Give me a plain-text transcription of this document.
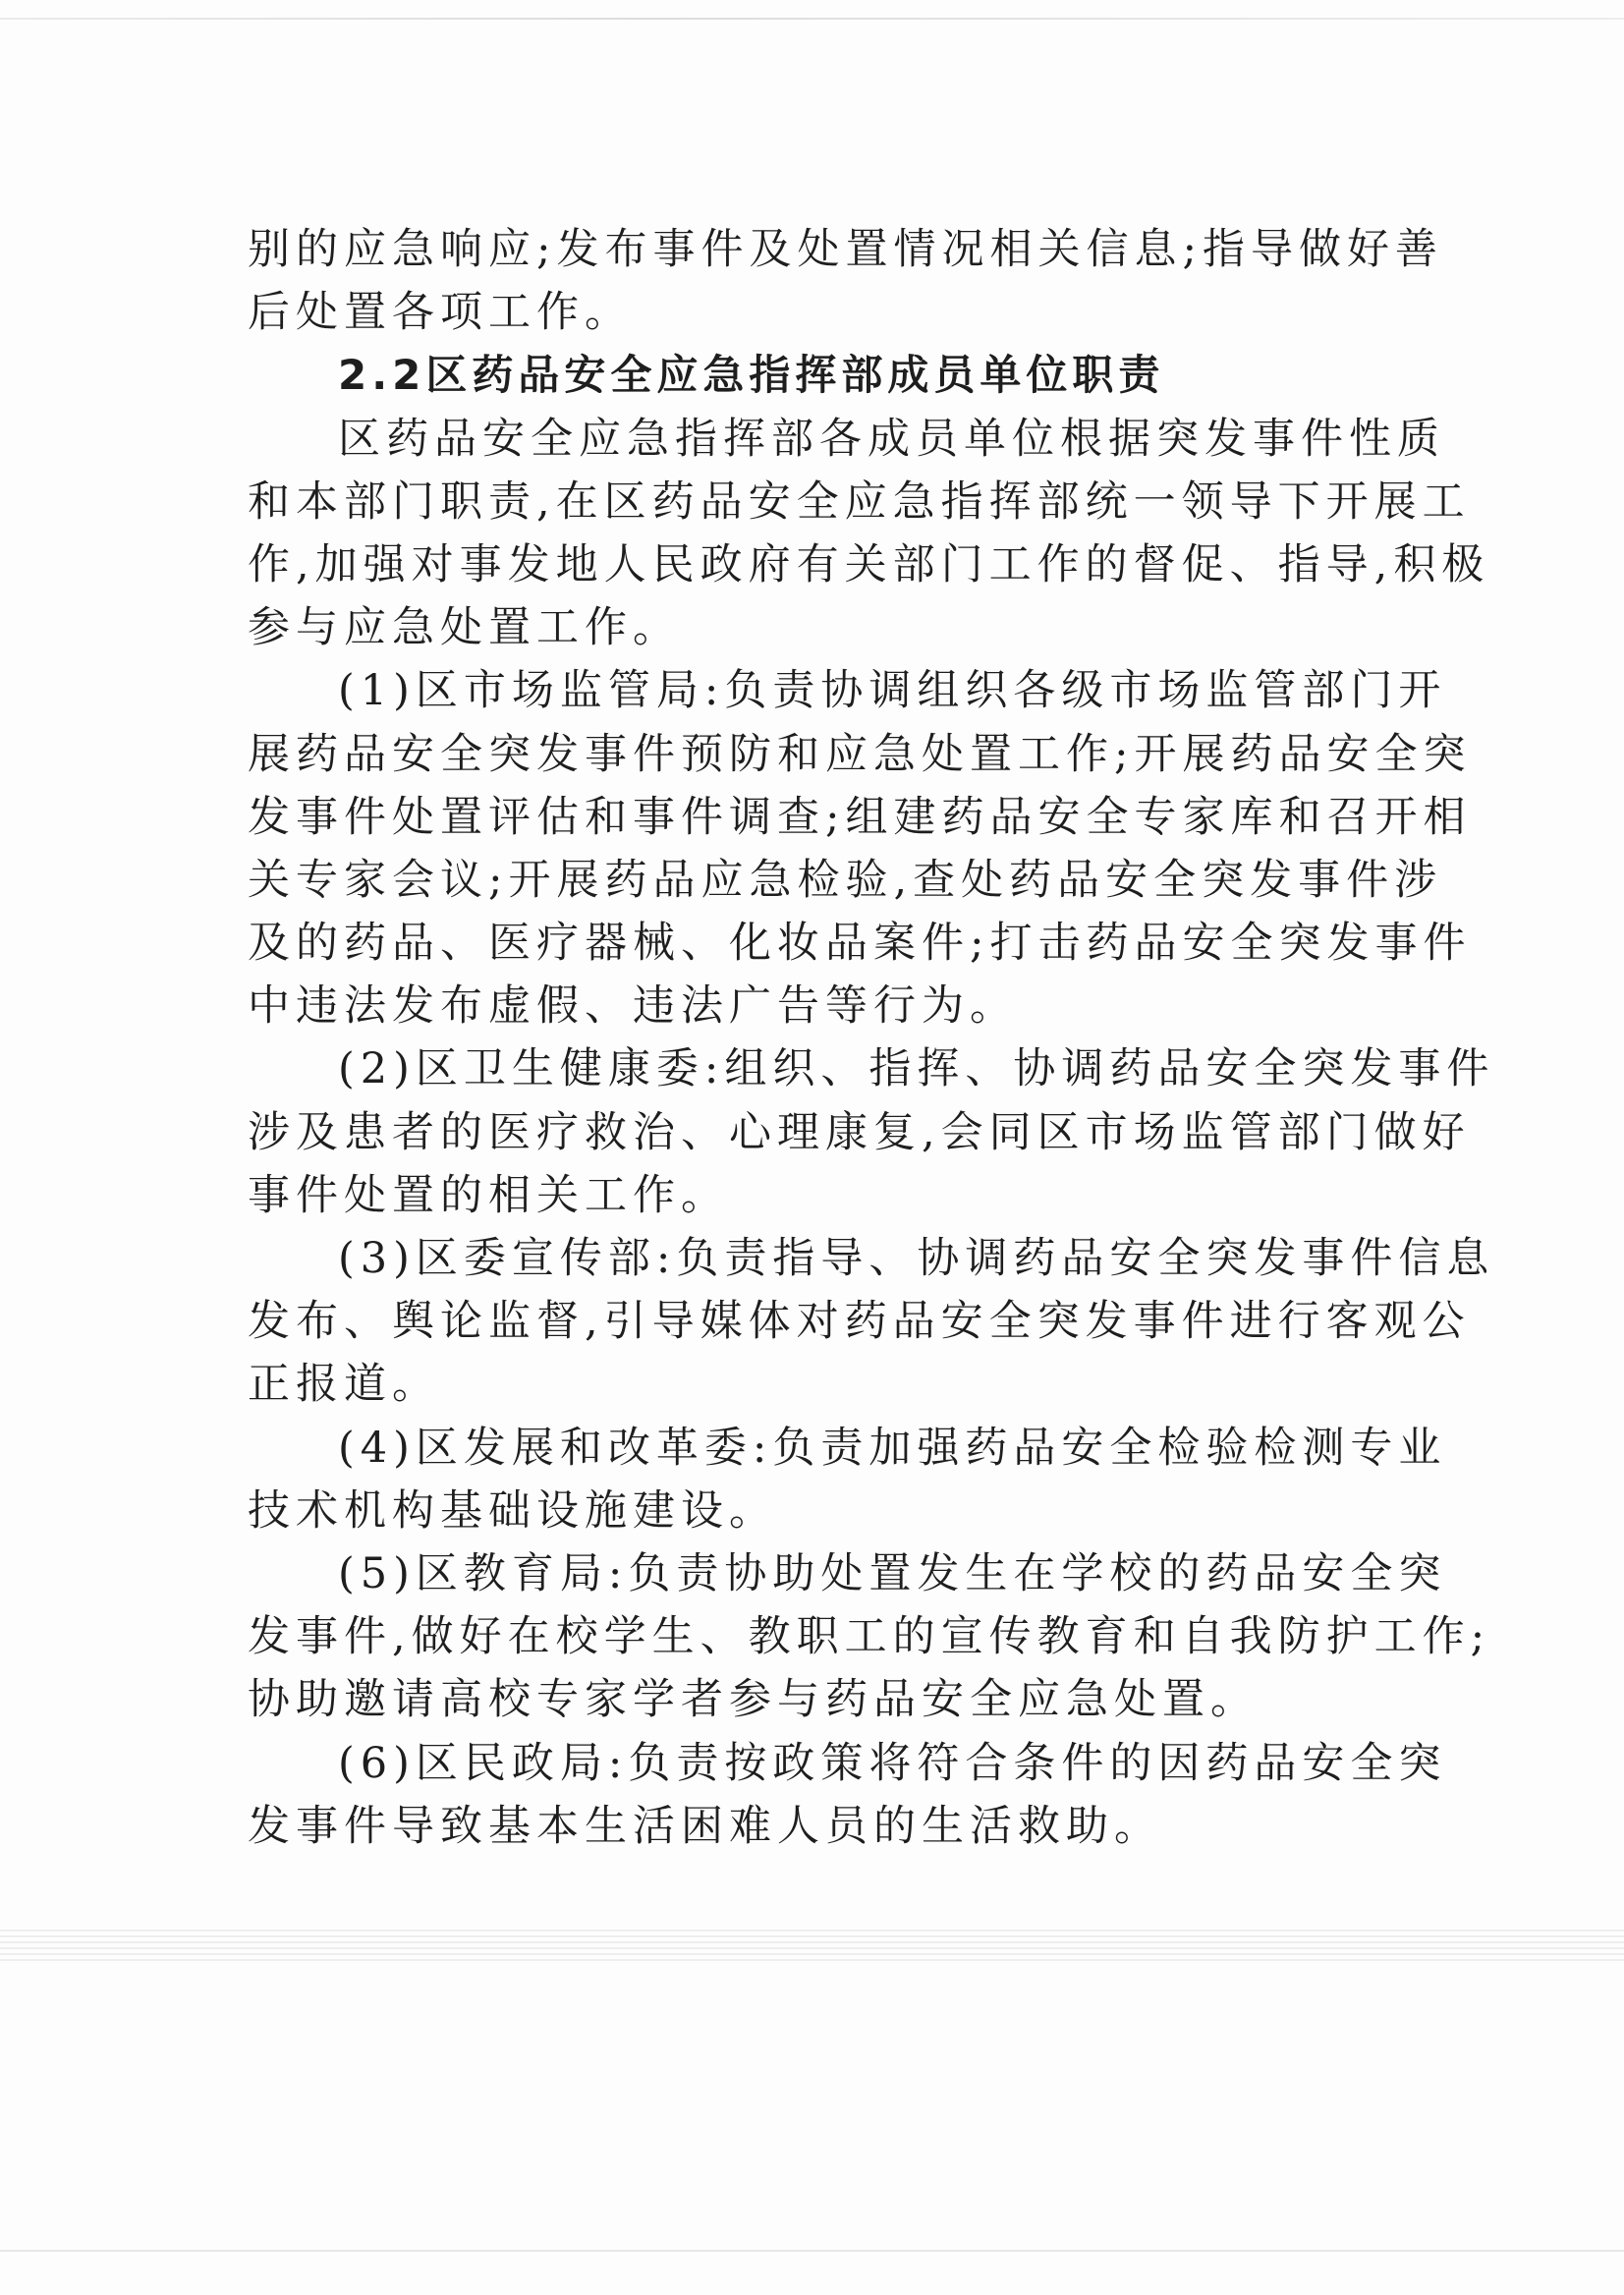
别的应急响应;发布事件及处置情况相关信息;指导做好善
后处置各项工作。

2.2区药品安全应急指挥部成员单位职责

区药品安全应急指挥部各成员单位根据突发事件性质
和本部门职责,在区药品安全应急指挥部统一领导下开展工
作,加强对事发地人民政府有关部门工作的督促、指导,积极
参与应急处置工作。

(1)区市场监管局:负责协调组织各级市场监管部门开
展药品安全突发事件预防和应急处置工作;开展药品安全突
发事件处置评估和事件调查;组建药品安全专家库和召开相
关专家会议;开展药品应急检验,查处药品安全突发事件涉
及的药品、医疗器械、化妆品案件;打击药品安全突发事件
中违法发布虚假、违法广告等行为。

(2)区卫生健康委:组织、指挥、协调药品安全突发事件
涉及患者的医疗救治、心理康复,会同区市场监管部门做好
事件处置的相关工作。

(3)区委宣传部:负责指导、协调药品安全突发事件信息
发布、舆论监督,引导媒体对药品安全突发事件进行客观公
正报道。

(4)区发展和改革委:负责加强药品安全检验检测专业
技术机构基础设施建设。

(5)区教育局:负责协助处置发生在学校的药品安全突
发事件,做好在校学生、教职工的宣传教育和自我防护工作;
协助邀请高校专家学者参与药品安全应急处置。

(6)区民政局:负责按政策将符合条件的因药品安全突
发事件导致基本生活困难人员的生活救助。
